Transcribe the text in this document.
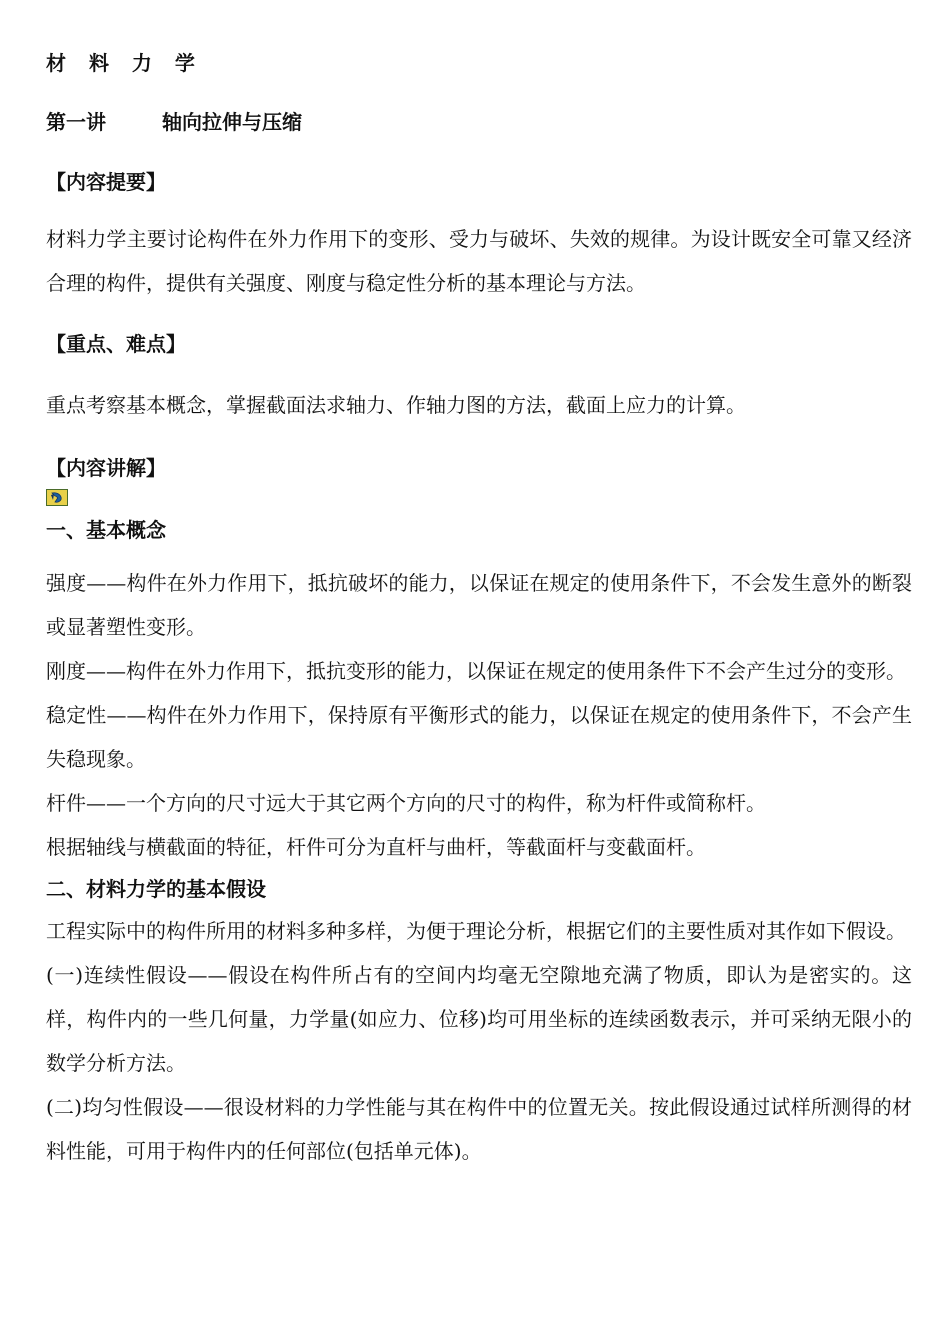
材 料 力 学

第一讲	轴向拉伸与压缩

【内容提要】

材料力学主要讨论构件在外力作用下的变形、受力与破坏、失效的规律。为设计既安全可靠又经济合理的构件，提供有关强度、刚度与稳定性分析的基本理论与方法。

【重点、难点】

重点考察基本概念，掌握截面法求轴力、作轴力图的方法，截面上应力的计算。

【内容讲解】

一、基本概念

强度——构件在外力作用下，抵抗破坏的能力，以保证在规定的使用条件下，不会发生意外的断裂或显著塑性变形。

刚度——构件在外力作用下，抵抗变形的能力，以保证在规定的使用条件下不会产生过分的变形。

稳定性——构件在外力作用下，保持原有平衡形式的能力，以保证在规定的使用条件下，不会产生失稳现象。

杆件——一个方向的尺寸远大于其它两个方向的尺寸的构件，称为杆件或简称杆。

根据轴线与横截面的特征，杆件可分为直杆与曲杆，等截面杆与变截面杆。

二、材料力学的基本假设

工程实际中的构件所用的材料多种多样，为便于理论分析，根据它们的主要性质对其作如下假设。

(一)连续性假设——假设在构件所占有的空间内均毫无空隙地充满了物质，即认为是密实的。这样，构件内的一些几何量，力学量(如应力、位移)均可用坐标的连续函数表示，并可采纳无限小的数学分析方法。

(二)均匀性假设——很设材料的力学性能与其在构件中的位置无关。按此假设通过试样所测得的材料性能，可用于构件内的任何部位(包括单元体)。
